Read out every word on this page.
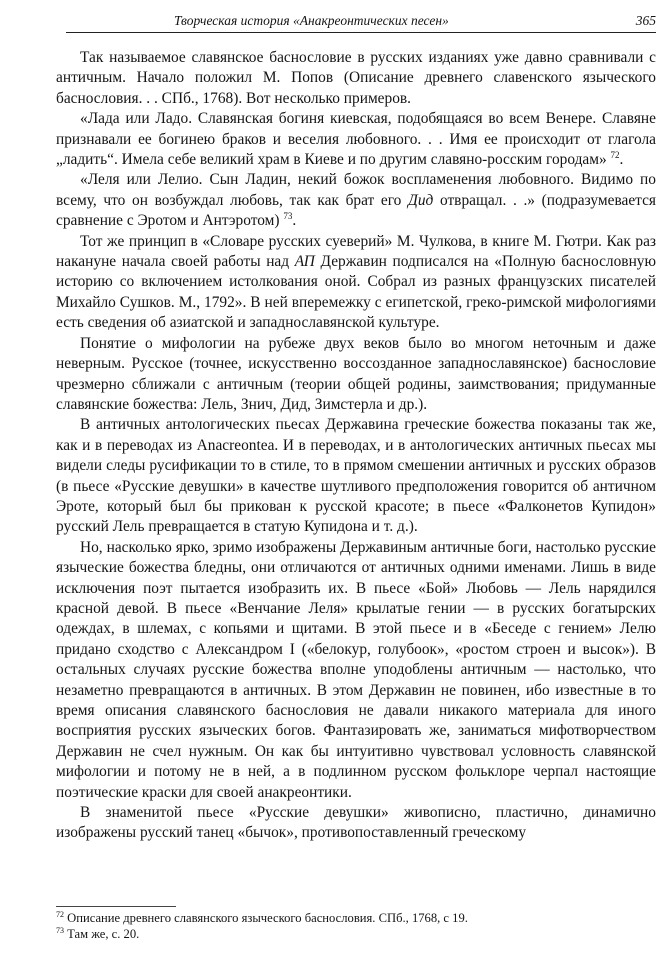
Творческая история «Анакреонтических песен»	365

Так называемое славянское баснословие в русских изданиях уже давно сравнивали с античным. Начало положил М. Попов (Описание древнего славенского языческого баснословия. . . СПб., 1768). Вот несколько примеров.

«Лада или Ладо. Славянская богиня киевская, подобящаяся во всем Венере. Славяне признавали ее богинею браков и веселия любовного. . . Имя ее происходит от глагола „ладить“. Имела себе великий храм в Киеве и по другим славяно-росским городам» $^{72}$.

«Леля или Лелио. Сын Ладин, некий божок воспламенения любовного. Видимо по всему, что он возбуждал любовь, так как брат его Дид отвращал. . .» (подразумевается сравнение с Эротом и Антэротом) $^{73}$.

Тот же принцип в «Словаре русских суеверий» М. Чулкова, в книге М. Гютри. Как раз накануне начала своей работы над АП Державин подписался на «Полную баснословную историю со включением истолкования оной. Собрал из разных французских писателей Михайло Сушков. М., 1792». В ней вперемежку с египетской, греко-римской мифологиями есть сведения об азиатской и западнославянской культуре.

Понятие о мифологии на рубеже двух веков было во многом неточным и даже неверным. Русское (точнее, искусственно воссозданное западнославянское) баснословие чрезмерно сближали с античным (теории общей родины, заимствования; придуманные славянские божества: Лель, Знич, Дид, Зимстерла и др.).

В античных антологических пьесах Державина греческие божества показаны так же, как и в переводах из Anacreontea. И в переводах, и в антологических античных пьесах мы видели следы русификации то в стиле, то в прямом смешении античных и русских образов (в пьесе «Русские девушки» в качестве шутливого предположения говорится об античном Эроте, который был бы прикован к русской красоте; в пьесе «Фалконетов Купидон» русский Лель превращается в статую Купидона и т. д.).

Но, насколько ярко, зримо изображены Державиным античные боги, настолько русские языческие божества бледны, они отличаются от античных одними именами. Лишь в виде исключения поэт пытается изобразить их. В пьесе «Бой» Любовь — Лель нарядился красной девой. В пьесе «Венчание Леля» крылатые гении — в русских богатырских одеждах, в шлемах, с копьями и щитами. В этой пьесе и в «Беседе с гением» Лелю придано сходство с Александром I («белокур, голубоок», «ростом строен и высок»). В остальных случаях русские божества вполне уподоблены античным — настолько, что незаметно превращаются в античных. В этом Державин не повинен, ибо известные в то время описания славянского баснословия не давали никакого материала для иного восприятия русских языческих богов. Фантазировать же, заниматься мифотворчеством Державин не счел нужным. Он как бы интуитивно чувствовал условность славянской мифологии и потому не в ней, а в подлинном русском фольклоре черпал настоящие поэтические краски для своей анакреонтики.

В знаменитой пьесе «Русские девушки» живописно, пластично, динамично изображены русский танец «бычок», противопоставленный греческому

$^{72}$ Описание древнего славянского языческого баснословия. СПб., 1768, с 19.

$^{73}$ Там же, с. 20.
